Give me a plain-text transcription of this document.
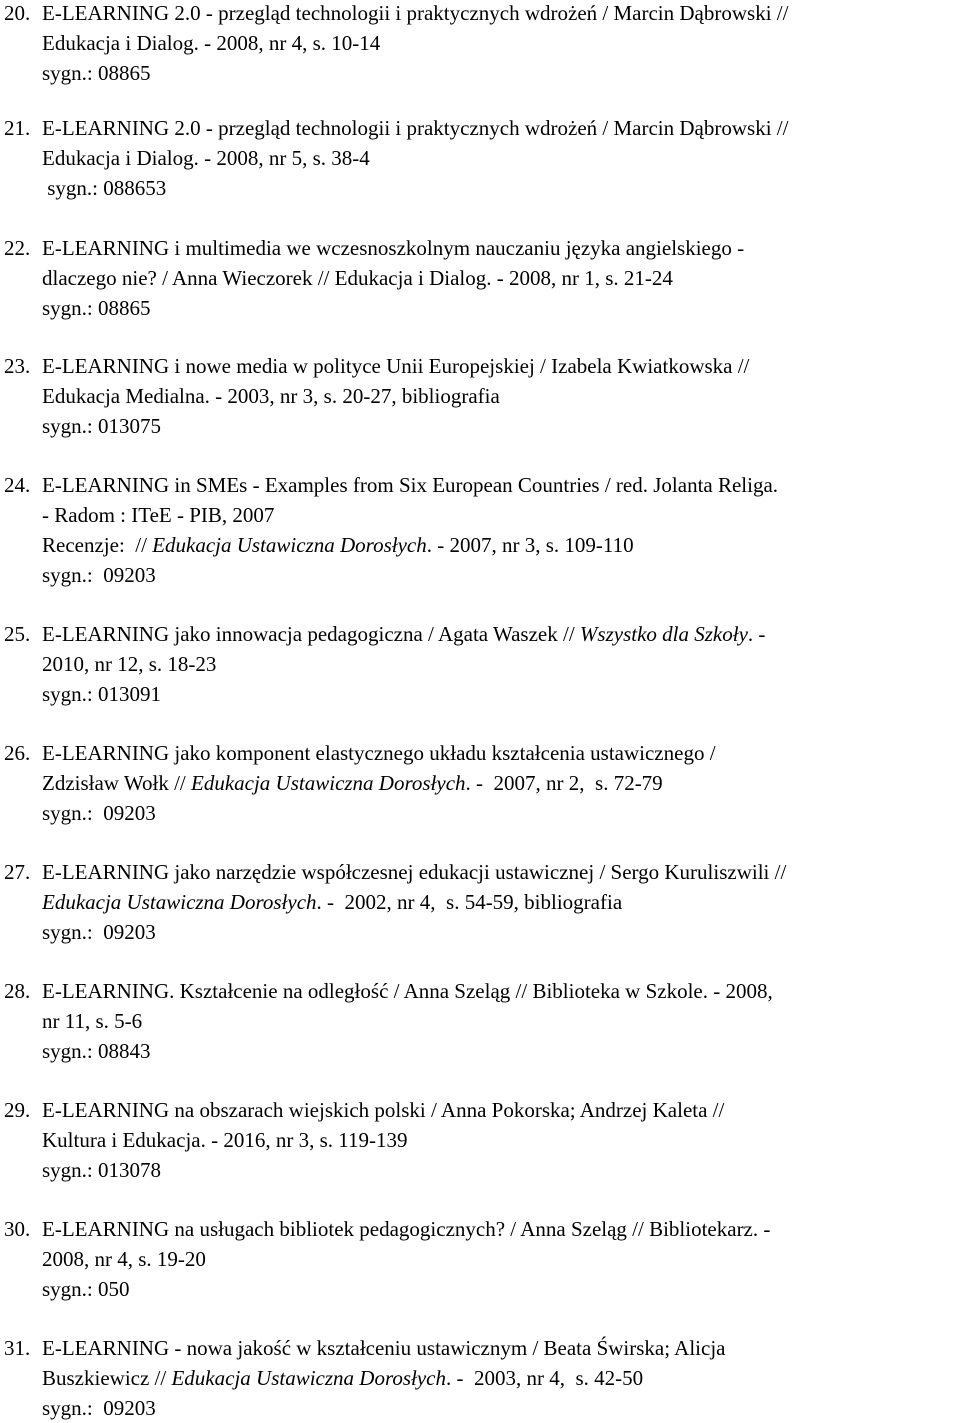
20. E-LEARNING 2.0 - przegląd technologii i praktycznych wdrożeń / Marcin Dąbrowski //
Edukacja i Dialog. - 2008, nr 4, s. 10-14
sygn.: 08865
21. E-LEARNING 2.0 - przegląd technologii i praktycznych wdrożeń / Marcin Dąbrowski //
Edukacja i Dialog. - 2008, nr 5, s. 38-4
sygn.: 088653
22. E-LEARNING i multimedia we wczesnoszkolnym nauczaniu języka angielskiego -
dlaczego nie? / Anna Wieczorek // Edukacja i Dialog. - 2008, nr 1, s. 21-24
sygn.: 08865
23. E-LEARNING i nowe media w polityce Unii Europejskiej / Izabela Kwiatkowska //
Edukacja Medialna. - 2003, nr 3, s. 20-27, bibliografia
sygn.: 013075
24. E-LEARNING in SMEs - Examples from Six European Countries / red. Jolanta Religa.
- Radom : ITeE - PIB, 2007
Recenzje:  // Edukacja Ustawiczna Dorosłych. - 2007, nr 3, s. 109-110
sygn.:  09203
25. E-LEARNING jako innowacja pedagogiczna / Agata Waszek // Wszystko dla Szkoły. -
2010, nr 12, s. 18-23
sygn.: 013091
26. E-LEARNING jako komponent elastycznego układu kształcenia ustawicznego /
Zdzisław Wołk // Edukacja Ustawiczna Dorosłych. -  2007, nr 2,  s. 72-79
sygn.:  09203
27. E-LEARNING jako narzędzie współczesnej edukacji ustawicznej / Sergo Kuruliszwili //
Edukacja Ustawiczna Dorosłych. -  2002, nr 4,  s. 54-59, bibliografia
sygn.:  09203
28. E-LEARNING. Kształcenie na odległość / Anna Szeląg // Biblioteka w Szkole. - 2008,
nr 11, s. 5-6
sygn.: 08843
29. E-LEARNING na obszarach wiejskich polski / Anna Pokorska; Andrzej Kaleta //
Kultura i Edukacja. - 2016, nr 3, s. 119-139
sygn.: 013078
30. E-LEARNING na usługach bibliotek pedagogicznych? / Anna Szeląg // Bibliotekarz. -
2008, nr 4, s. 19-20
sygn.: 050
31. E-LEARNING - nowa jakość w kształceniu ustawicznym / Beata Świrska; Alicja
Buszkiewicz // Edukacja Ustawiczna Dorosłych. -  2003, nr 4,  s. 42-50
sygn.:  09203
